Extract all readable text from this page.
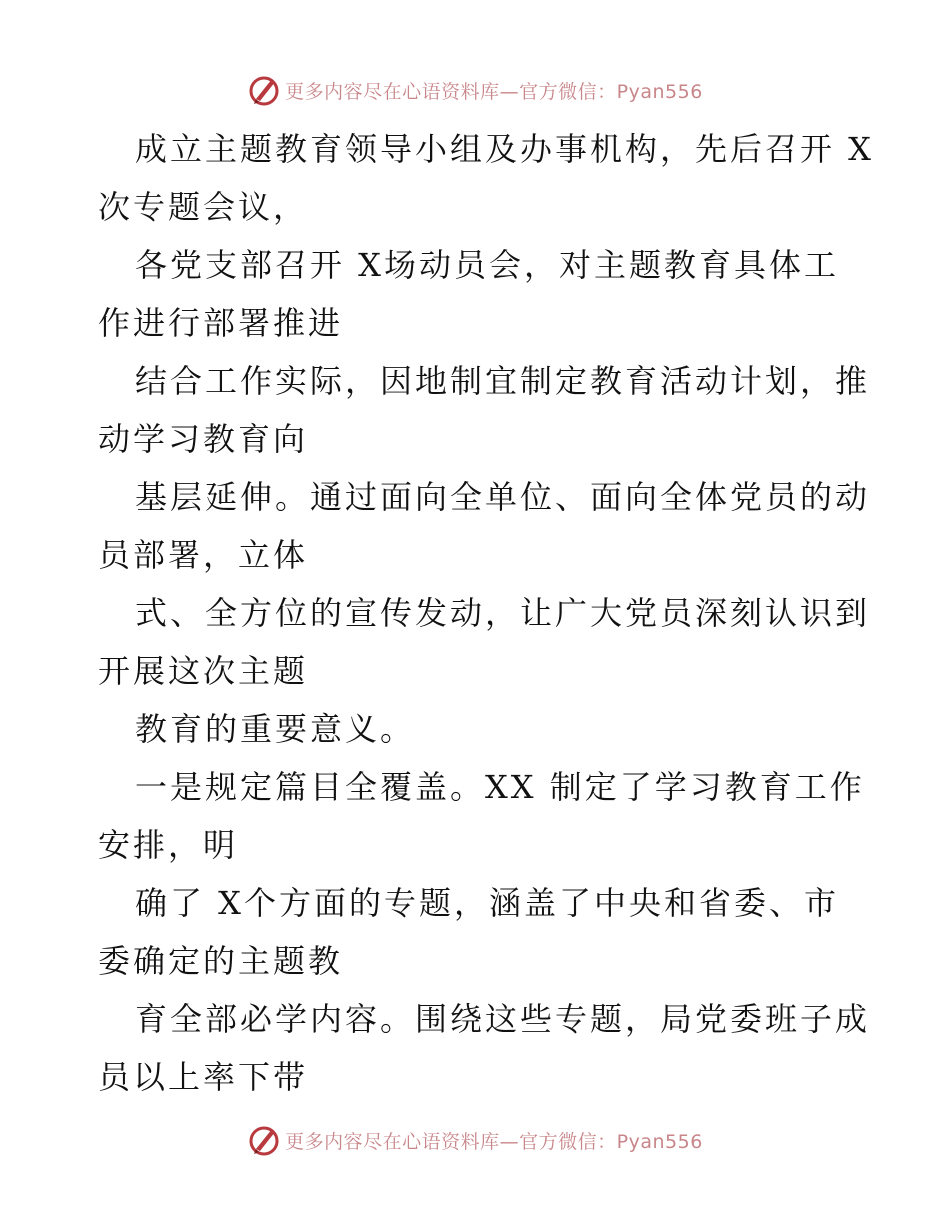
更多内容尽在心语资料库—官方微信：Pyan556
成立主题教育领导小组及办事机构，先后召开 X
次专题会议，
各党支部召开 X场动员会，对主题教育具体工
作进行部署推进
结合工作实际，因地制宜制定教育活动计划，推
动学习教育向
基层延伸。通过面向全单位、面向全体党员的动
员部署，立体
式、全方位的宣传发动，让广大党员深刻认识到
开展这次主题
教育的重要意义。
一是规定篇目全覆盖。XX 制定了学习教育工作
安排，明
确了 X个方面的专题，涵盖了中央和省委、市
委确定的主题教
育全部必学内容。围绕这些专题，局党委班子成
员以上率下带
更多内容尽在心语资料库—官方微信：Pyan556
